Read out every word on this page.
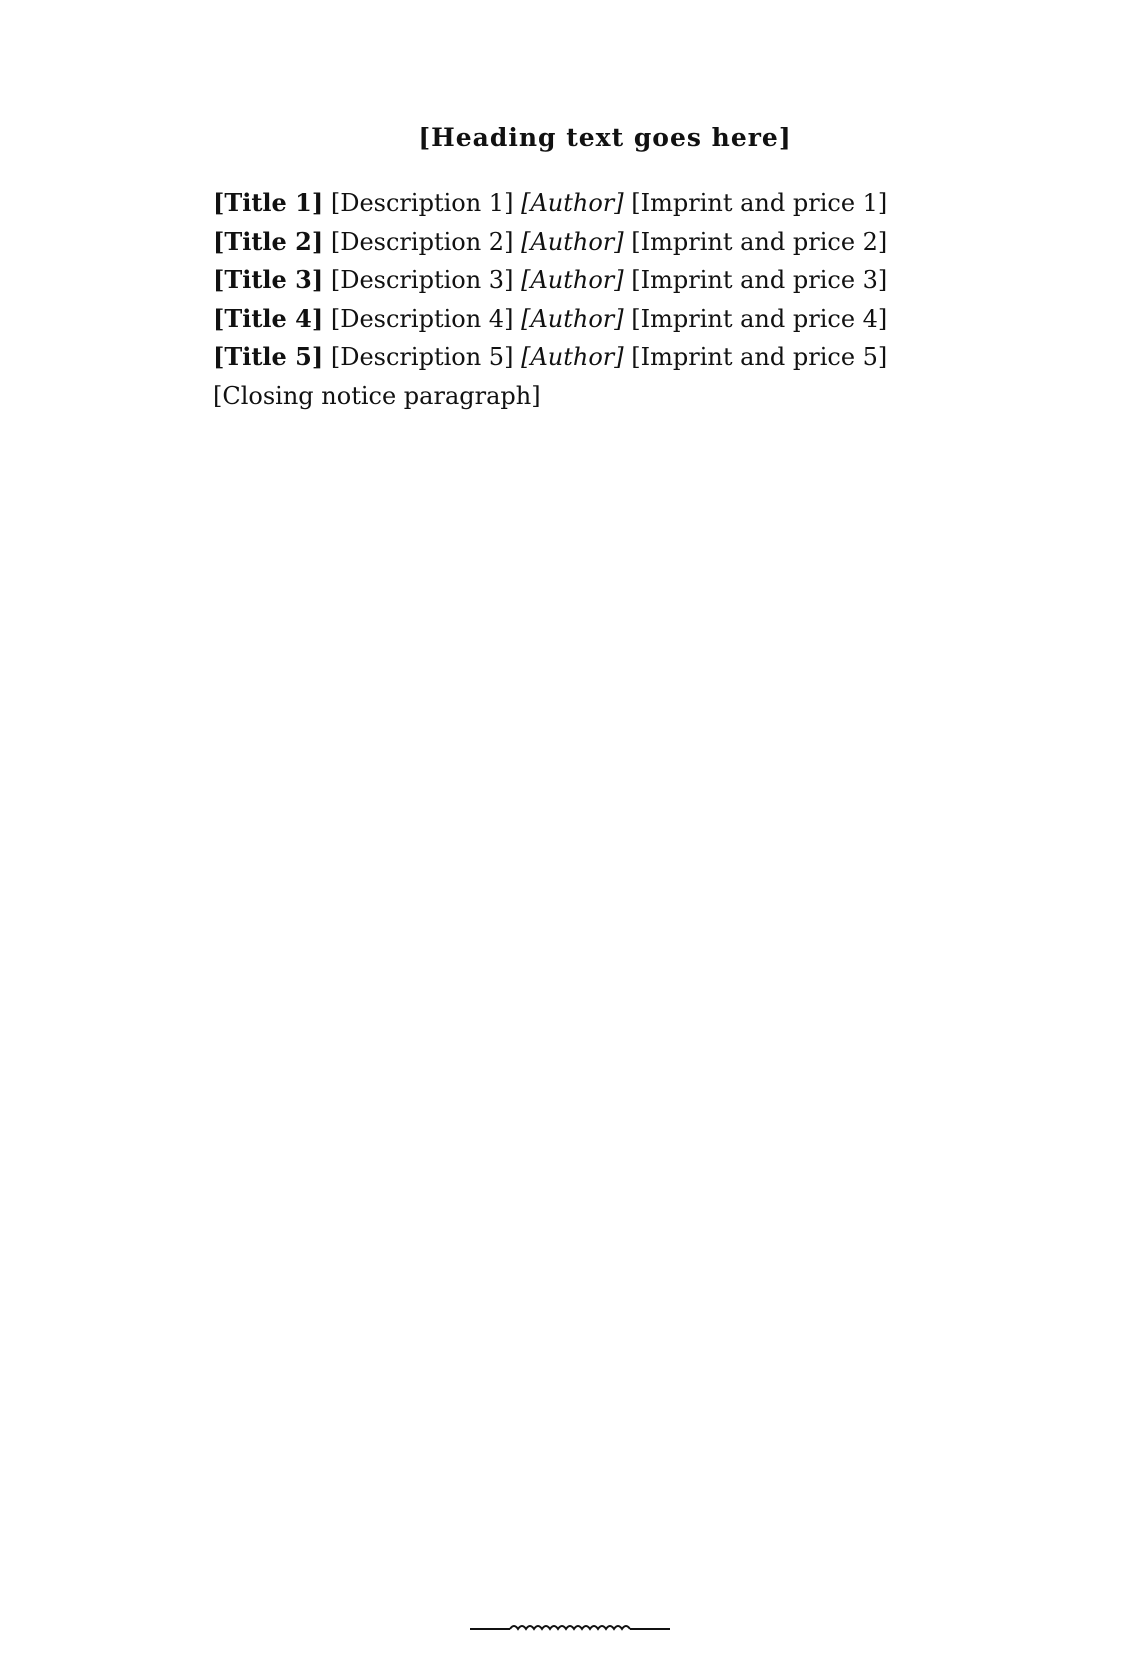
[Heading text goes here]

[Title 1] [Description 1] [Author] [Imprint and price 1]

[Title 2] [Description 2] [Author] [Imprint and price 2]

[Title 3] [Description 3] [Author] [Imprint and price 3]

[Title 4] [Description 4] [Author] [Imprint and price 4]

[Title 5] [Description 5] [Author] [Imprint and price 5]

[Closing notice paragraph]
